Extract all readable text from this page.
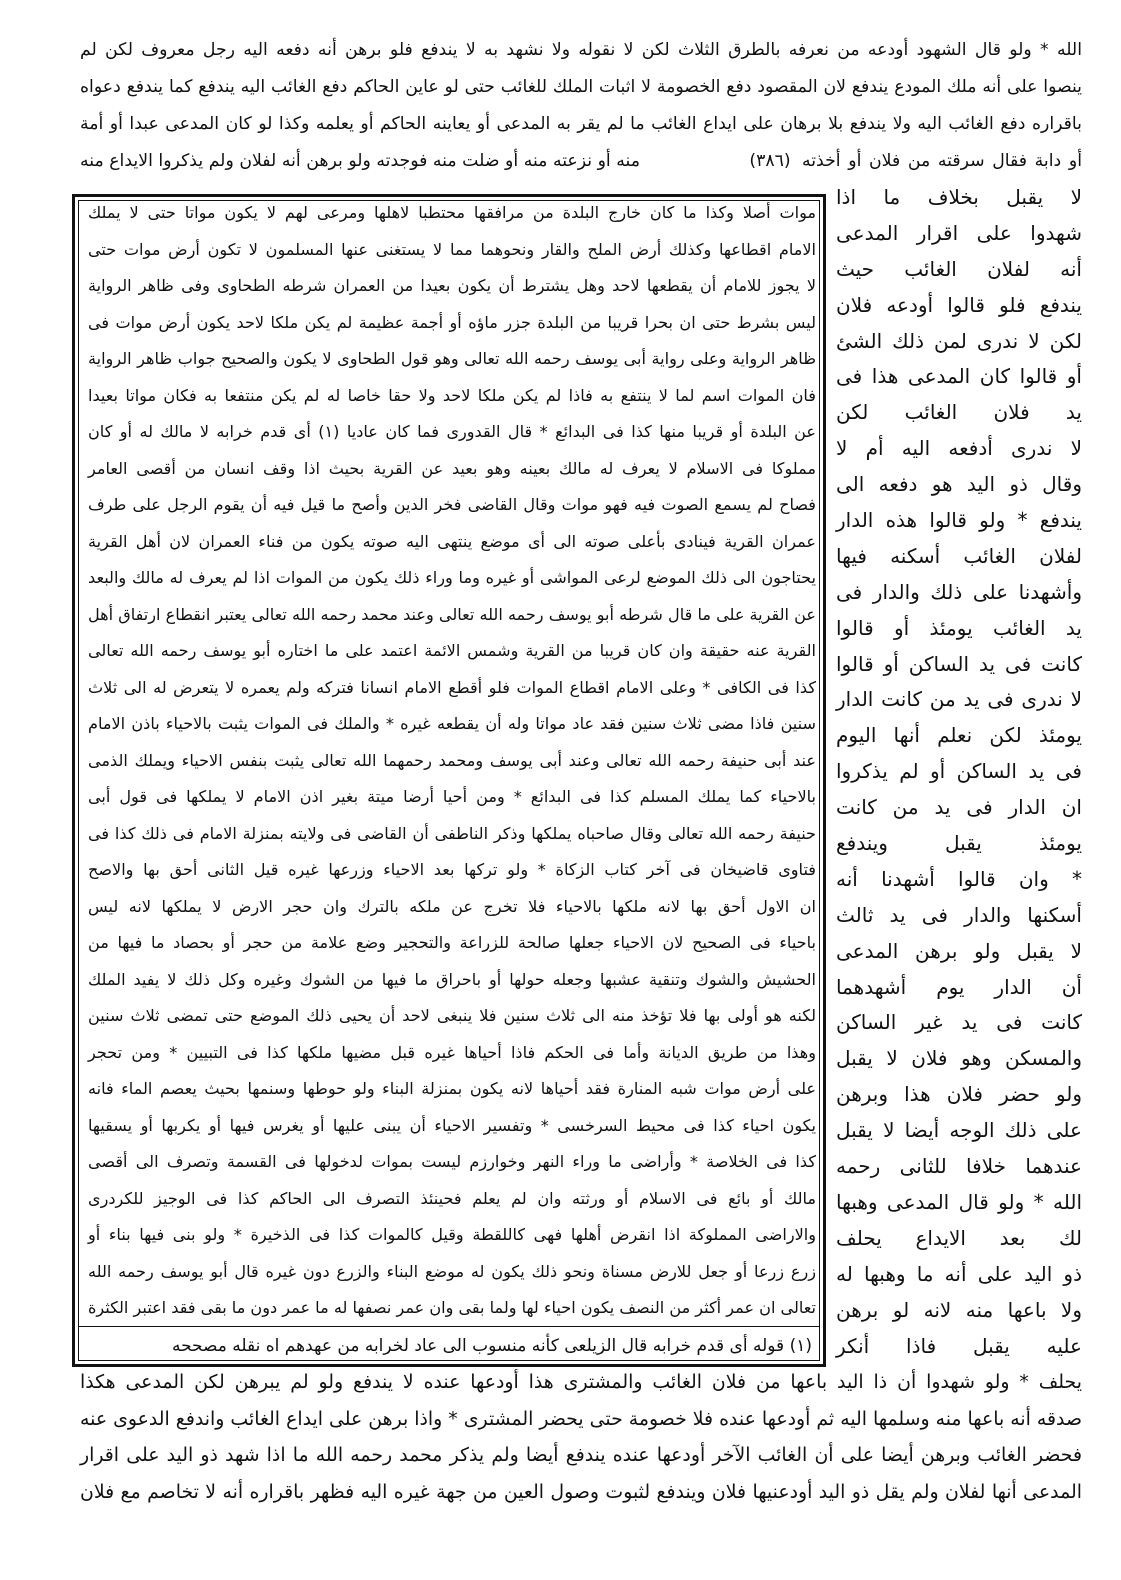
الله * ولو قال الشهود أودعه من نعرفه بالطرق الثلاث لكن لا نقوله ولا نشهد به لا يندفع فلو برهن أنه دفعه اليه رجل معروف لكن لم
ينصوا على أنه ملك المودع يندفع لان المقصود دفع الخصومة لا اثبات الملك للغائب حتى لو عاين الحاكم دفع الغائب اليه يندفع كما يندفع دعواه
باقراره دفع الغائب اليه ولا يندفع بلا برهان على ايداع الغائب ما لم يقر به المدعى أو يعاينه الحاكم أو يعلمه وكذا لو كان المدعى عبدا أو أمة
أو دابة فقال سرقته من فلان أو أخذته
(٣٨٦)
منه أو نزعته منه أو ضلت منه فوجدته ولو برهن أنه لفلان ولم يذكروا الايداع منه
لا يقبل بخلاف ما اذا
شهدوا على اقرار المدعى
أنه لفلان الغائب حيث
يندفع فلو قالوا أودعه فلان
لكن لا ندرى لمن ذلك الشئ
أو قالوا كان المدعى هذا فى
يد فلان الغائب لكن
لا ندرى أدفعه اليه أم لا
وقال ذو اليد هو دفعه الى
يندفع * ولو قالوا هذه الدار
لفلان الغائب أسكنه فيها
وأشهدنا على ذلك والدار فى
يد الغائب يومئذ أو قالوا
كانت فى يد الساكن أو قالوا
لا ندرى فى يد من كانت الدار
يومئذ لكن نعلم أنها اليوم
فى يد الساكن أو لم يذكروا
ان الدار فى يد من كانت
يومئذ يقبل ويندفع
* وان قالوا أشهدنا أنه
أسكنها والدار فى يد ثالث
لا يقبل ولو برهن المدعى
أن الدار يوم أشهدهما
كانت فى يد غير الساكن
والمسكن وهو فلان لا يقبل
ولو حضر فلان هذا وبرهن
على ذلك الوجه أيضا لا يقبل
عندهما خلافا للثانى رحمه
الله * ولو قال المدعى وهبها
لك بعد الايداع يحلف
ذو اليد على أنه ما وهبها له
ولا باعها منه لانه لو برهن
عليه يقبل فاذا أنكر
موات أصلا وكذا ما كان خارج البلدة من مرافقها محتطبا لاهلها ومرعى لهم لا يكون مواتا حتى لا يملك
الامام اقطاعها وكذلك أرض الملح والقار ونحوهما مما لا يستغنى عنها المسلمون لا تكون أرض موات حتى
لا يجوز للامام أن يقطعها لاحد وهل يشترط أن يكون بعيدا من العمران شرطه الطحاوى وفى ظاهر الرواية
ليس بشرط حتى ان بحرا قريبا من البلدة جزر ماؤه أو أجمة عظيمة لم يكن ملكا لاحد يكون أرض موات فى
ظاهر الرواية وعلى رواية أبى يوسف رحمه الله تعالى وهو قول الطحاوى لا يكون والصحيح جواب ظاهر الرواية
فان الموات اسم لما لا ينتفع به فاذا لم يكن ملكا لاحد ولا حقا خاصا له لم يكن منتفعا به فكان مواتا بعيدا
عن البلدة أو قريبا منها كذا فى البدائع * قال القدورى فما كان عاديا (١) أى قدم خرابه لا مالك له أو كان
مملوكا فى الاسلام لا يعرف له مالك بعينه وهو بعيد عن القرية بحيث اذا وقف انسان من أقصى العامر
فصاح لم يسمع الصوت فيه فهو موات وقال القاضى فخر الدين وأصح ما قيل فيه أن يقوم الرجل على طرف
عمران القرية فينادى بأعلى صوته الى أى موضع ينتهى اليه صوته يكون من فناء العمران لان أهل القرية
يحتاجون الى ذلك الموضع لرعى المواشى أو غيره وما وراء ذلك يكون من الموات اذا لم يعرف له مالك والبعد
عن القرية على ما قال شرطه أبو يوسف رحمه الله تعالى وعند محمد رحمه الله تعالى يعتبر انقطاع ارتفاق أهل
القرية عنه حقيقة وان كان قريبا من القرية وشمس الائمة اعتمد على ما اختاره أبو يوسف رحمه الله تعالى
كذا فى الكافى * وعلى الامام اقطاع الموات فلو أقطع الامام انسانا فتركه ولم يعمره لا يتعرض له الى ثلاث
سنين فاذا مضى ثلاث سنين فقد عاد مواتا وله أن يقطعه غيره * والملك فى الموات يثبت بالاحياء باذن الامام
عند أبى حنيفة رحمه الله تعالى وعند أبى يوسف ومحمد رحمهما الله تعالى يثبت بنفس الاحياء ويملك الذمى
بالاحياء كما يملك المسلم كذا فى البدائع * ومن أحيا أرضا ميتة بغير اذن الامام لا يملكها فى قول أبى
حنيفة رحمه الله تعالى وقال صاحباه يملكها وذكر الناطفى أن القاضى فى ولايته بمنزلة الامام فى ذلك كذا فى
فتاوى قاضيخان فى آخر كتاب الزكاة * ولو تركها بعد الاحياء وزرعها غيره قيل الثانى أحق بها والاصح
ان الاول أحق بها لانه ملكها بالاحياء فلا تخرج عن ملكه بالترك وان حجر الارض لا يملكها لانه ليس
باحياء فى الصحيح لان الاحياء جعلها صالحة للزراعة والتحجير وضع علامة من حجر أو بحصاد ما فيها من
الحشيش والشوك وتنقية عشبها وجعله حولها أو باحراق ما فيها من الشوك وغيره وكل ذلك لا يفيد الملك
لكنه هو أولى بها فلا تؤخذ منه الى ثلاث سنين فلا ينبغى لاحد أن يحيى ذلك الموضع حتى تمضى ثلاث سنين
وهذا من طريق الديانة وأما فى الحكم فاذا أحياها غيره قبل مضيها ملكها كذا فى التبيين * ومن تحجر
على أرض موات شبه المنارة فقد أحياها لانه يكون بمنزلة البناء ولو حوطها وسنمها بحيث يعصم الماء فانه
يكون احياء كذا فى محيط السرخسى * وتفسير الاحياء أن يبنى عليها أو يغرس فيها أو يكربها أو يسقيها
كذا فى الخلاصة * وأراضى ما وراء النهر وخوارزم ليست بموات لدخولها فى القسمة وتصرف الى أقصى
مالك أو بائع فى الاسلام أو ورثته وان لم يعلم فحينئذ التصرف الى الحاكم كذا فى الوجيز للكردرى
والاراضى المملوكة اذا انقرض أهلها فهى كاللقطة وقيل كالموات كذا فى الذخيرة * ولو بنى فيها بناء أو
زرع زرعا أو جعل للارض مسناة ونحو ذلك يكون له موضع البناء والزرع دون غيره قال أبو يوسف رحمه الله
تعالى ان عمر أكثر من النصف يكون احياء لها ولما بقى وان عمر نصفها له ما عمر دون ما بقى فقد اعتبر الكثرة
(١) قوله أى قدم خرابه قال الزيلعى كأنه منسوب الى عاد لخرابه من عهدهم اه نقله مصححه
يحلف * ولو شهدوا أن ذا اليد باعها من فلان الغائب والمشترى هذا أودعها عنده لا يندفع ولو لم يبرهن لكن المدعى هكذا
صدقه أنه باعها منه وسلمها اليه ثم أودعها عنده فلا خصومة حتى يحضر المشترى * واذا برهن على ايداع الغائب واندفع الدعوى عنه
فحضر الغائب وبرهن أيضا على أن الغائب الآخر أودعها عنده يندفع أيضا ولم يذكر محمد رحمه الله ما اذا شهد ذو اليد على اقرار
المدعى أنها لفلان ولم يقل ذو اليد أودعنيها فلان ويندفع لثبوت وصول العين من جهة غيره اليه فظهر باقراره أنه لا تخاصم مع فلان
